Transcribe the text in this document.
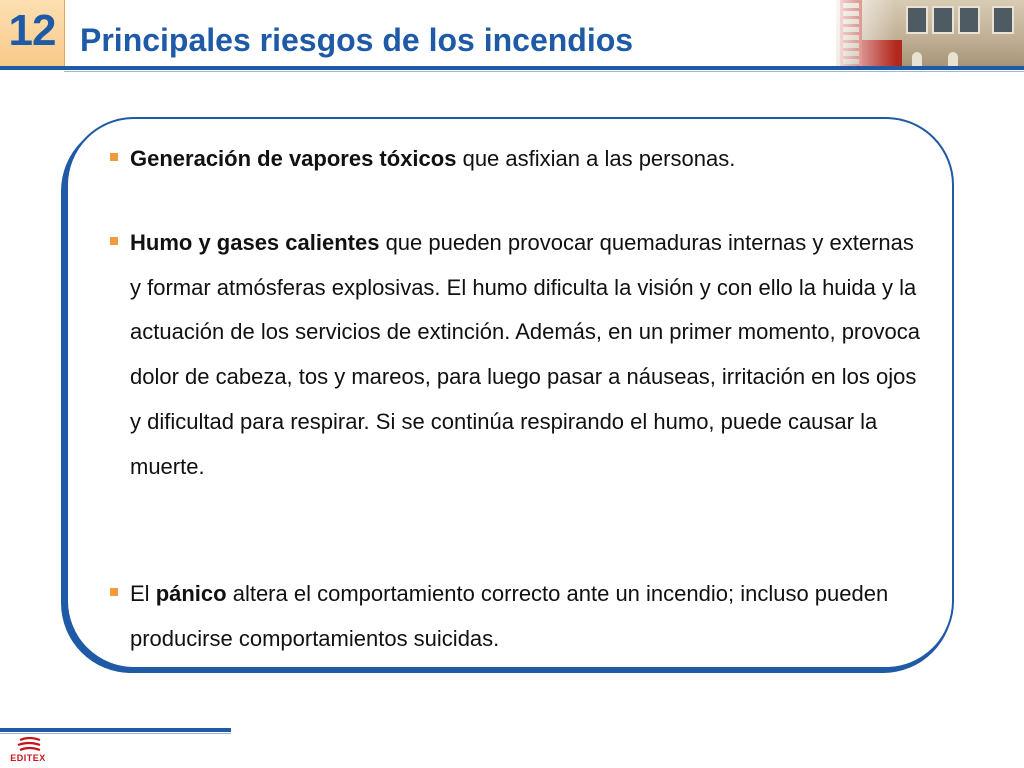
12 Principales riesgos de los incendios
Generación de vapores tóxicos que asfixian a las personas.
Humo y gases calientes que pueden provocar quemaduras internas y externas y formar atmósferas explosivas. El humo dificulta la visión y con ello la huida y la actuación de los servicios de extinción. Además, en un primer momento, provoca dolor de cabeza, tos y mareos, para luego pasar a náuseas, irritación en los ojos y dificultad para respirar. Si se continúa respirando el humo, puede causar la muerte.
El pánico altera el comportamiento correcto ante un incendio; incluso pueden producirse comportamientos suicidas.
EDITEX
